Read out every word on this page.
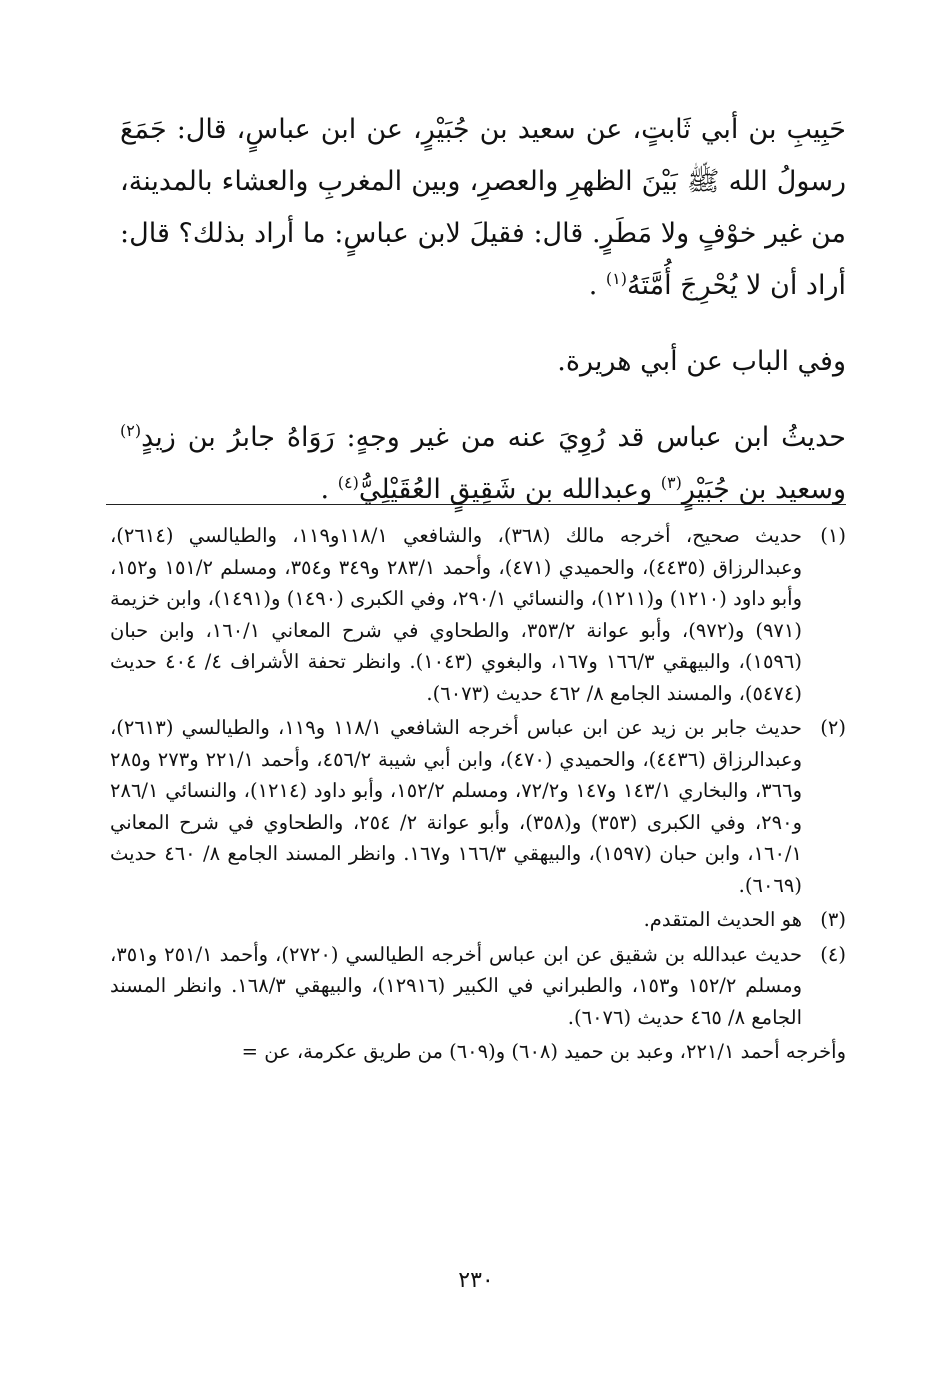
حَبِيبِ بن أبي ثَابتٍ، عن سعيد بن جُبَيْرٍ، عن ابن عباسٍ، قال: جَمَعَ رسولُ الله ﷺ بَيْنَ الظهرِ والعصرِ، وبين المغربِ والعشاء بالمدينة، من غير خوْفٍ ولا مَطَرٍ. قال: فقيلَ لابن عباسٍ: ما أراد بذلك؟ قال: أراد أن لا يُحْرِجَ أُمَّتَهُ$^{(١)}$ .

وفي الباب عن أبي هريرة.

حديثُ ابن عباس قد رُوِيَ عنه من غير وجهٍ: رَوَاهُ جابرُ بن زيدٍ$^{(٢)}$ وسعيد بن جُبَيْرٍ$^{(٣)}$ وعبدالله بن شَقِيقٍ العُقَيْلِيُّ$^{(٤)}$ .

(١)
حديث صحيح، أخرجه مالك (٣٦٨)، والشافعي ١١٨/١و١١٩، والطيالسي (٢٦١٤)، وعبدالرزاق (٤٤٣٥)، والحميدي (٤٧١)، وأحمد ٢٨٣/١ و٣٤٩ و٣٥٤، ومسلم ١٥١/٢ و١٥٢، وأبو داود (١٢١٠) و(١٢١١)، والنسائي ٢٩٠/١، وفي الكبرى (١٤٩٠) و(١٤٩١)، وابن خزيمة (٩٧١) و(٩٧٢)، وأبو عوانة ٣٥٣/٢، والطحاوي في شرح المعاني ١٦٠/١، وابن حبان (١٥٩٦)، والبيهقي ١٦٦/٣ و١٦٧، والبغوي (١٠٤٣). وانظر تحفة الأشراف ٤/ ٤٠٤ حديث (٥٤٧٤)، والمسند الجامع ٨/ ٤٦٢ حديث (٦٠٧٣).
(٢)
حديث جابر بن زيد عن ابن عباس أخرجه الشافعي ١١٨/١ و١١٩، والطيالسي (٢٦١٣)، وعبدالرزاق (٤٤٣٦)، والحميدي (٤٧٠)، وابن أبي شيبة ٤٥٦/٢، وأحمد ٢٢١/١ و٢٧٣ و٢٨٥ و٣٦٦، والبخاري ١٤٣/١ و١٤٧ و٧٢/٢، ومسلم ١٥٢/٢، وأبو داود (١٢١٤)، والنسائي ٢٨٦/١ و٢٩٠، وفي الكبرى (٣٥٣) و(٣٥٨)، وأبو عوانة ٢/ ٢٥٤، والطحاوي في شرح المعاني ١٦٠/١، وابن حبان (١٥٩٧)، والبيهقي ١٦٦/٣ و١٦٧. وانظر المسند الجامع ٨/ ٤٦٠ حديث (٦٠٦٩).
(٣)
هو الحديث المتقدم.
(٤)
حديث عبدالله بن شقيق عن ابن عباس أخرجه الطيالسي (٢٧٢٠)، وأحمد ٢٥١/١ و٣٥١، ومسلم ١٥٢/٢ و١٥٣، والطبراني في الكبير (١٢٩١٦)، والبيهقي ١٦٨/٣. وانظر المسند الجامع ٨/ ٤٦٥ حديث (٦٠٧٦).

وأخرجه أحمد ٢٢١/١، وعبد بن حميد (٦٠٨) و(٦٠٩) من طريق عكرمة، عن =

٢٣٠
